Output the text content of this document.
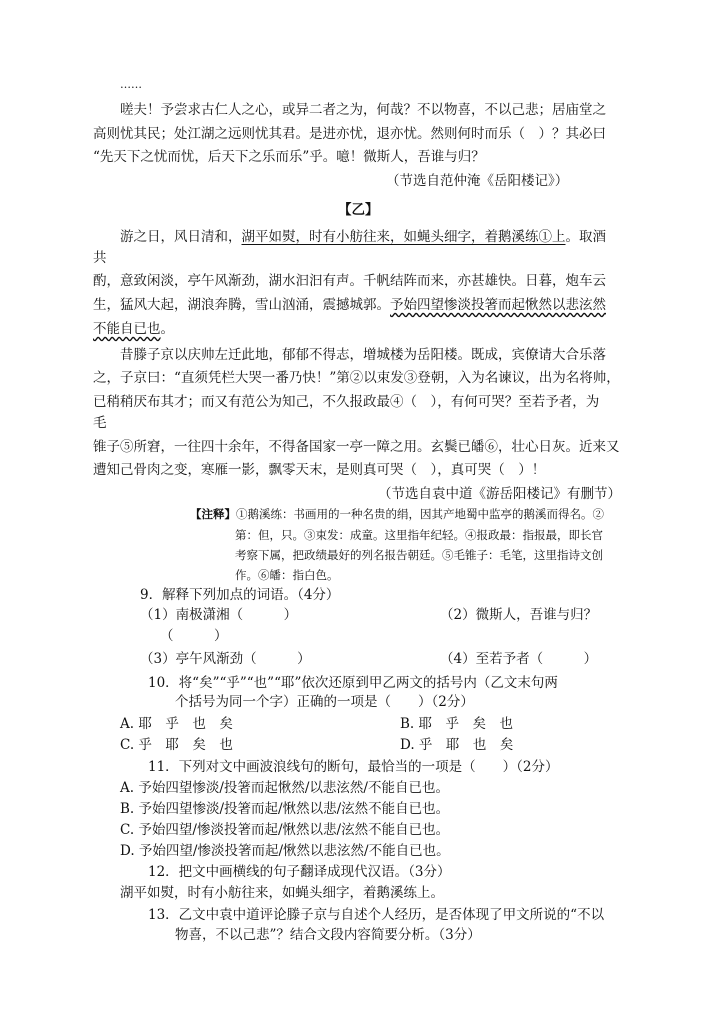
……
嗟夫！予尝求古仁人之心，或异二者之为，何哉？不以物喜，不以己悲；居庙堂之
高则忧其民；处江湖之远则忧其君。是进亦忧，退亦忧。然则何时而乐（　）？其必曰
“先天下之忧而忧，后天下之乐而乐”乎。噫！微斯人，吾谁与归？
（节选自范仲淹《岳阳楼记》）
【乙】
游之日，风日清和，湖平如熨，时有小舫往来，如蝇头细字，着鹅溪练①上。取酒
共
酌，意致闲淡，亭午风渐劲，湖水汩汩有声。千帆结阵而来，亦甚雄快。日暮，炮车云
生，猛风大起，湖浪奔腾，雪山汹涌，震撼城郭。予始四望惨淡投箸而起愀然以悲泫然
不能自已也。
昔滕子京以庆帅左迁此地，郁郁不得志，增城楼为岳阳楼。既成，宾僚请大合乐落
之，子京曰：“直须凭栏大哭一番乃快！”第②以束发③登朝，入为名谏议，出为名将帅，
已稍稍厌布其才；而又有范公为知己，不久报政最④（　），有何可哭？至若予者，为
毛
锥子⑤所窘，一往四十余年，不得备国家一亭一障之用。玄鬓已皤⑥，壮心日灰。近来又
遭知己骨肉之变，寒雁一影，飘零天末，是则真可哭（　），真可哭（　）！
（节选自袁中道《游岳阳楼记》有删节）
【注释】①鹅溪练：书画用的一种名贵的绢，因其产地蜀中监亭的鹅溪而得名。②
第：但，只。③束发：成童。这里指年纪轻。④报政最：指报最，即长官
考察下属，把政绩最好的列名报告朝廷。⑤毛锥子：毛笔，这里指诗文创
作。⑥皤：指白色。
9．解释下列加点的词语。（4分）
（1）南极潇湘（　　　）	（2）微斯人，吾谁与归？
（　　　）
（3）亭午风渐劲（　　　）	（4）至若予者（　　　）
10．将“矣”“乎”“也”“耶”依次还原到甲乙两文的括号内（乙文末句两
个括号为同一个字）正确的一项是（　　）（2分）
A. 耶　乎　也　矣	B. 耶　乎　矣　也
C. 乎　耶　矣　也	D. 乎　耶　也　矣
11．下列对文中画波浪线句的断句，最恰当的一项是（　　）（2分）
A. 予始四望惨淡/投箸而起愀然/以悲泫然/不能自已也。
B. 予始四望惨淡/投箸而起/愀然以悲/泫然不能自已也。
C. 予始四望/惨淡投箸而起/愀然以悲/泫然不能自已也。
D. 予始四望/惨淡投箸而起/愀然以悲泫然/不能自已也。
12．把文中画横线的句子翻译成现代汉语。（3分）
湖平如熨，时有小舫往来，如蝇头细字，着鹅溪练上。
13．乙文中袁中道评论滕子京与自述个人经历，是否体现了甲文所说的“不以
物喜，不以己悲”？结合文段内容简要分析。（3分）
